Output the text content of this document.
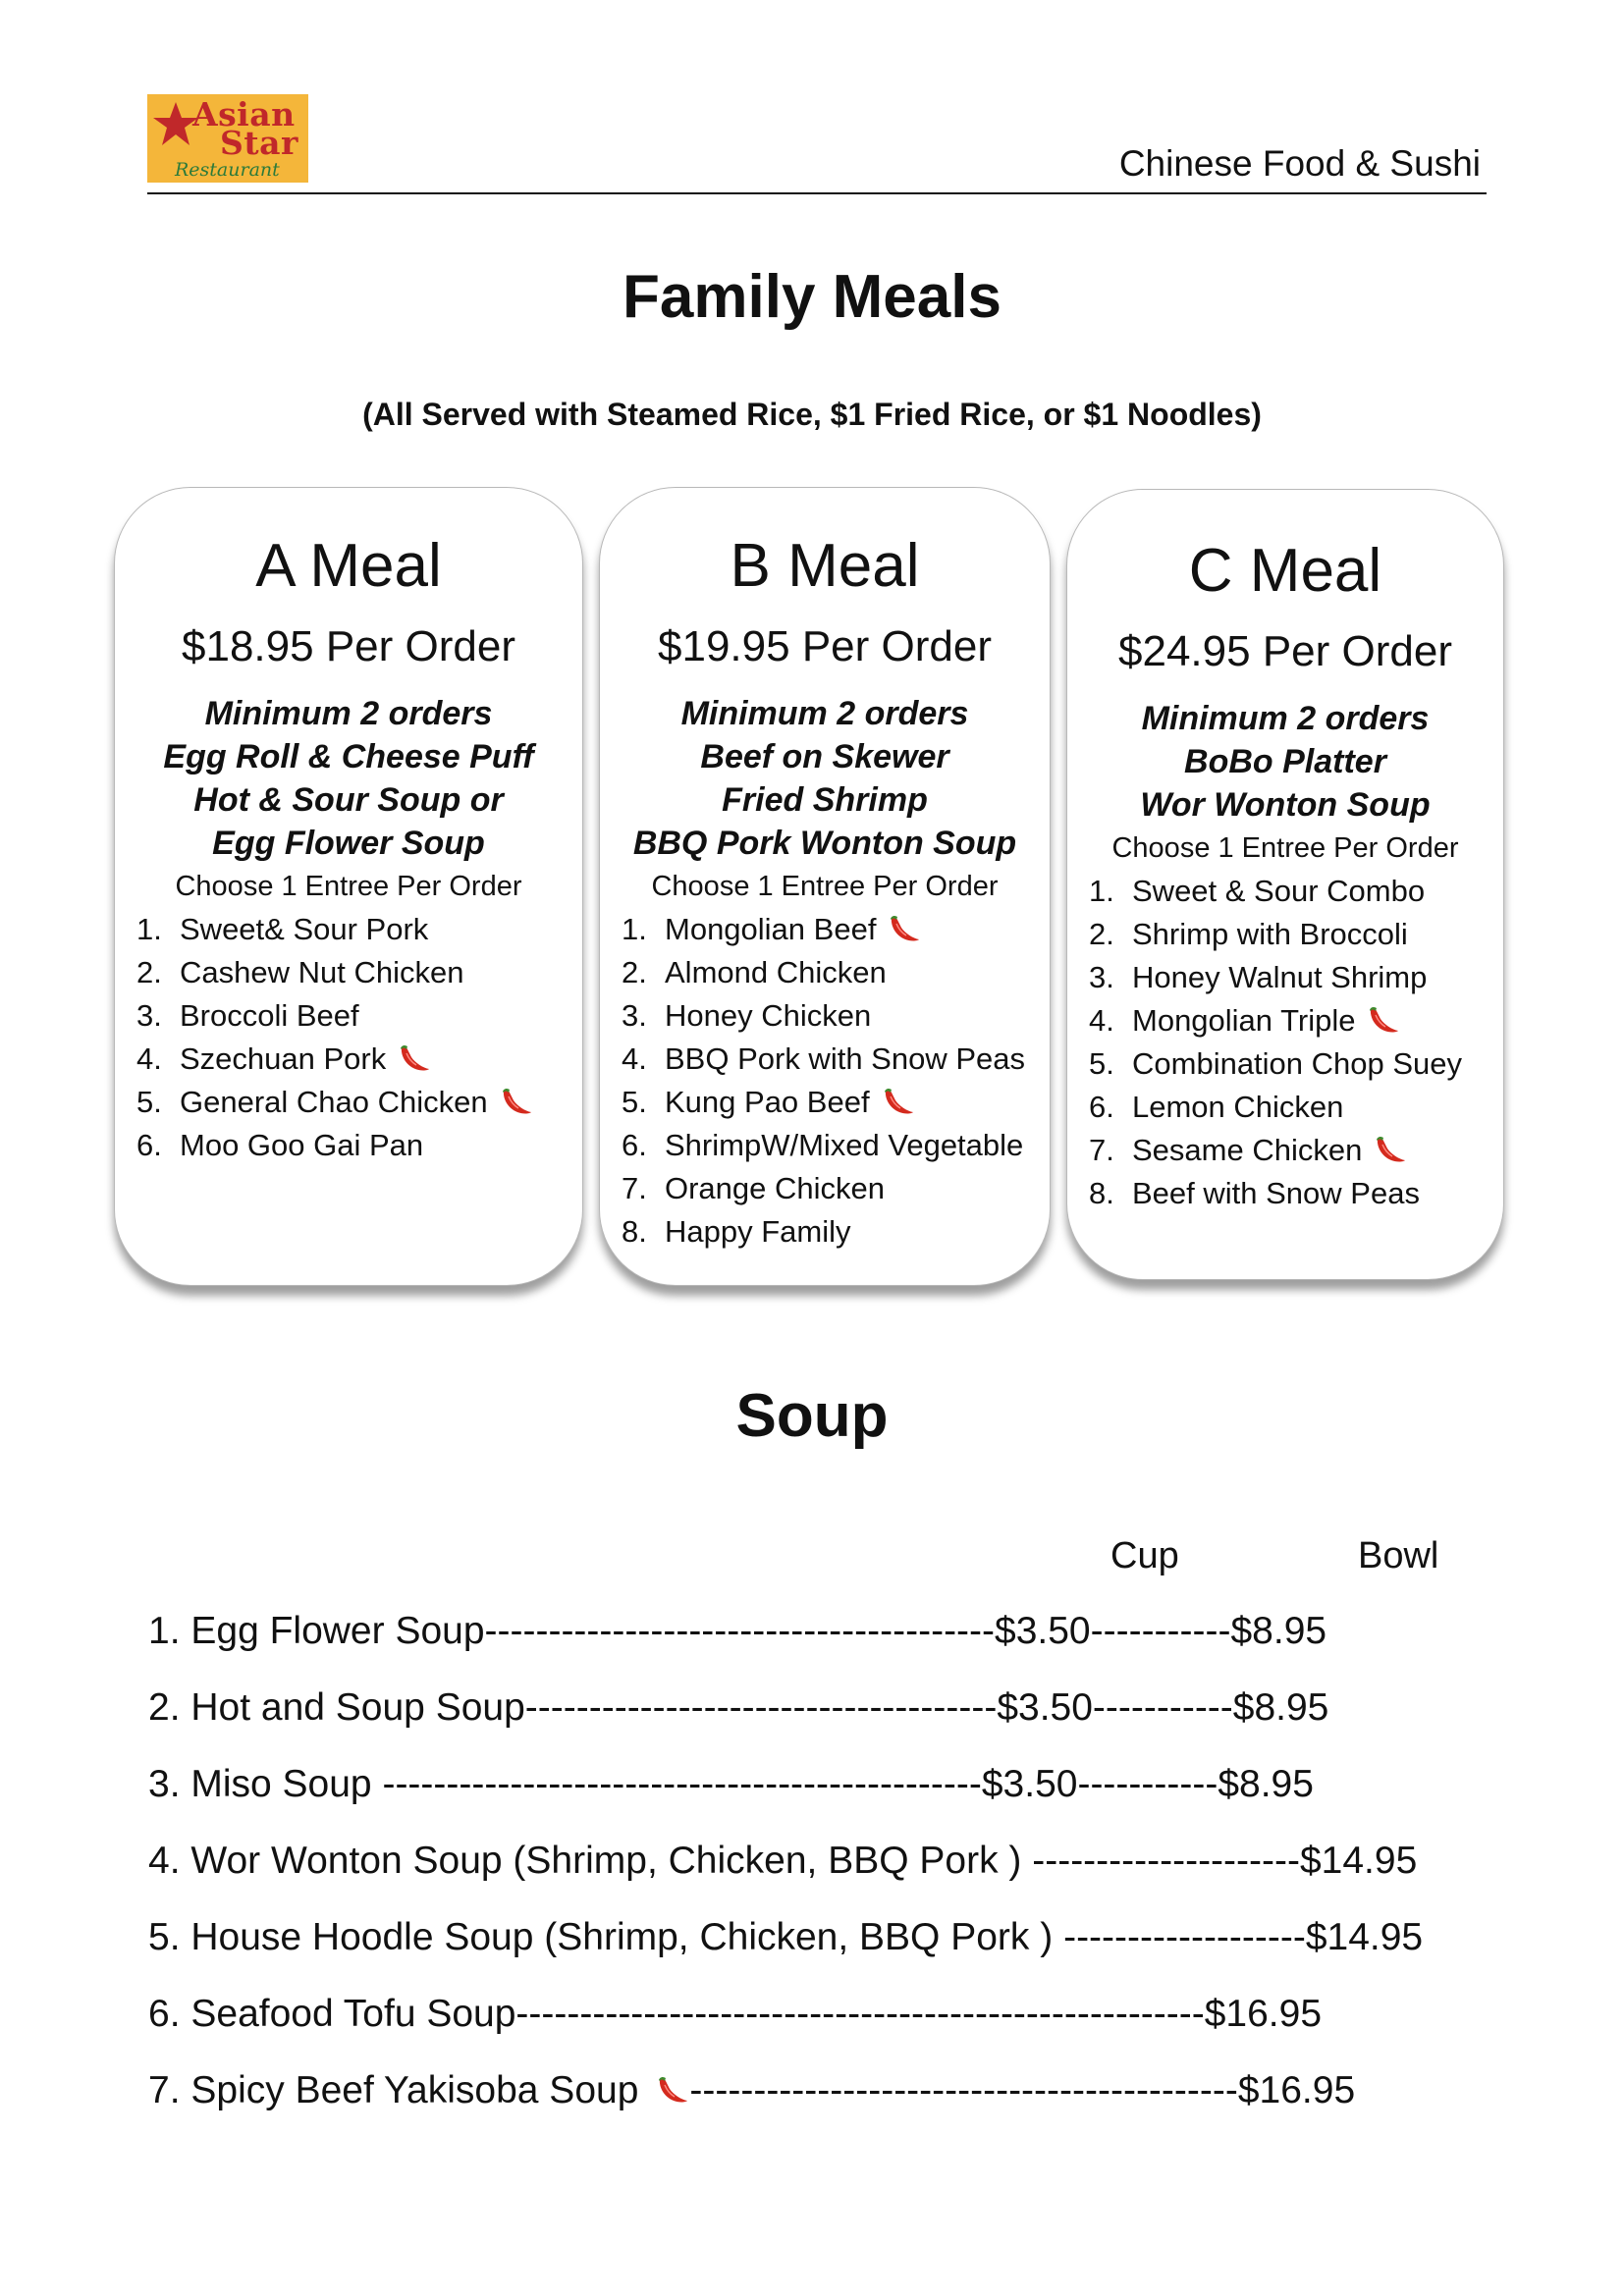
Asian
Star
Restaurant	Chinese Food & Sushi
Family Meals
(All Served with Steamed Rice, $1 Fried Rice, or $1 Noodles)
A Meal
$18.95 Per Order
Minimum 2 orders
Egg Roll & Cheese Puff
Hot & Sour Soup or
Egg Flower Soup
Choose 1 Entree Per Order
1. Sweet& Sour Pork
2. Cashew Nut Chicken
3. Broccoli Beef
4. Szechuan Pork
5. General Chao Chicken
6. Moo Goo Gai Pan
B Meal
$19.95 Per Order
Minimum 2 orders
Beef on Skewer
Fried Shrimp
BBQ Pork Wonton Soup
Choose 1 Entree Per Order
1. Mongolian Beef
2. Almond Chicken
3. Honey Chicken
4. BBQ Pork with Snow Peas
5. Kung Pao Beef
6. ShrimpW/Mixed Vegetable
7. Orange Chicken
8. Happy Family
C Meal
$24.95 Per Order
Minimum 2 orders
BoBo Platter
Wor Wonton Soup
Choose 1 Entree Per Order
1. Sweet & Sour Combo
2. Shrimp with Broccoli
3. Honey Walnut Shrimp
4. Mongolian Triple
5. Combination Chop Suey
6. Lemon Chicken
7. Sesame Chicken
8. Beef with Snow Peas
Soup
Cup	Bowl
1. Egg Flower Soup----------------------------------------$3.50-----------$8.95
2. Hot and Soup Soup-------------------------------------$3.50-----------$8.95
3. Miso Soup -----------------------------------------------$3.50-----------$8.95
4. Wor Wonton Soup (Shrimp, Chicken, BBQ Pork ) ---------------------$14.95
5. House Hoodle Soup (Shrimp, Chicken, BBQ Pork ) -------------------$14.95
6. Seafood Tofu Soup------------------------------------------------------$16.95
7. Spicy Beef Yakisoba Soup -------------------------------------------$16.95
